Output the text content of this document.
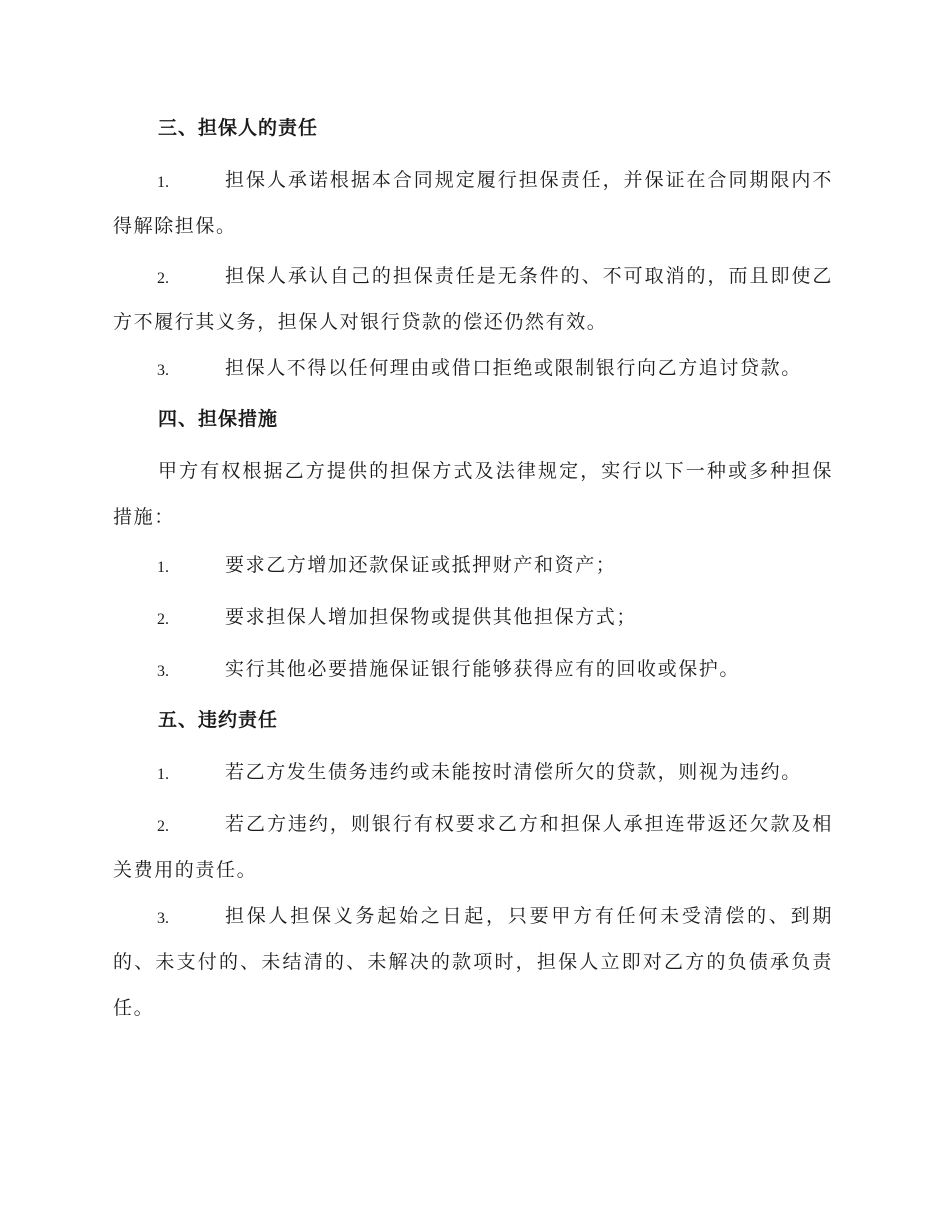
三、担保人的责任
1.	担保人承诺根据本合同规定履行担保责任，并保证在合同期限内不得解除担保。

2.	担保人承认自己的担保责任是无条件的、不可取消的，而且即使乙方不履行其义务，担保人对银行贷款的偿还仍然有效。

3.	担保人不得以任何理由或借口拒绝或限制银行向乙方追讨贷款。

四、担保措施

甲方有权根据乙方提供的担保方式及法律规定，实行以下一种或多种担保措施：

1.	要求乙方增加还款保证或抵押财产和资产；

2.	要求担保人增加担保物或提供其他担保方式；

3.	实行其他必要措施保证银行能够获得应有的回收或保护。

五、违约责任
1.	若乙方发生债务违约或未能按时清偿所欠的贷款，则视为违约。

2.	若乙方违约，则银行有权要求乙方和担保人承担连带返还欠款及相关费用的责任。

3.	担保人担保义务起始之日起，只要甲方有任何未受清偿的、到期的、未支付的、未结清的、未解决的款项时，担保人立即对乙方的负债承负责任。
